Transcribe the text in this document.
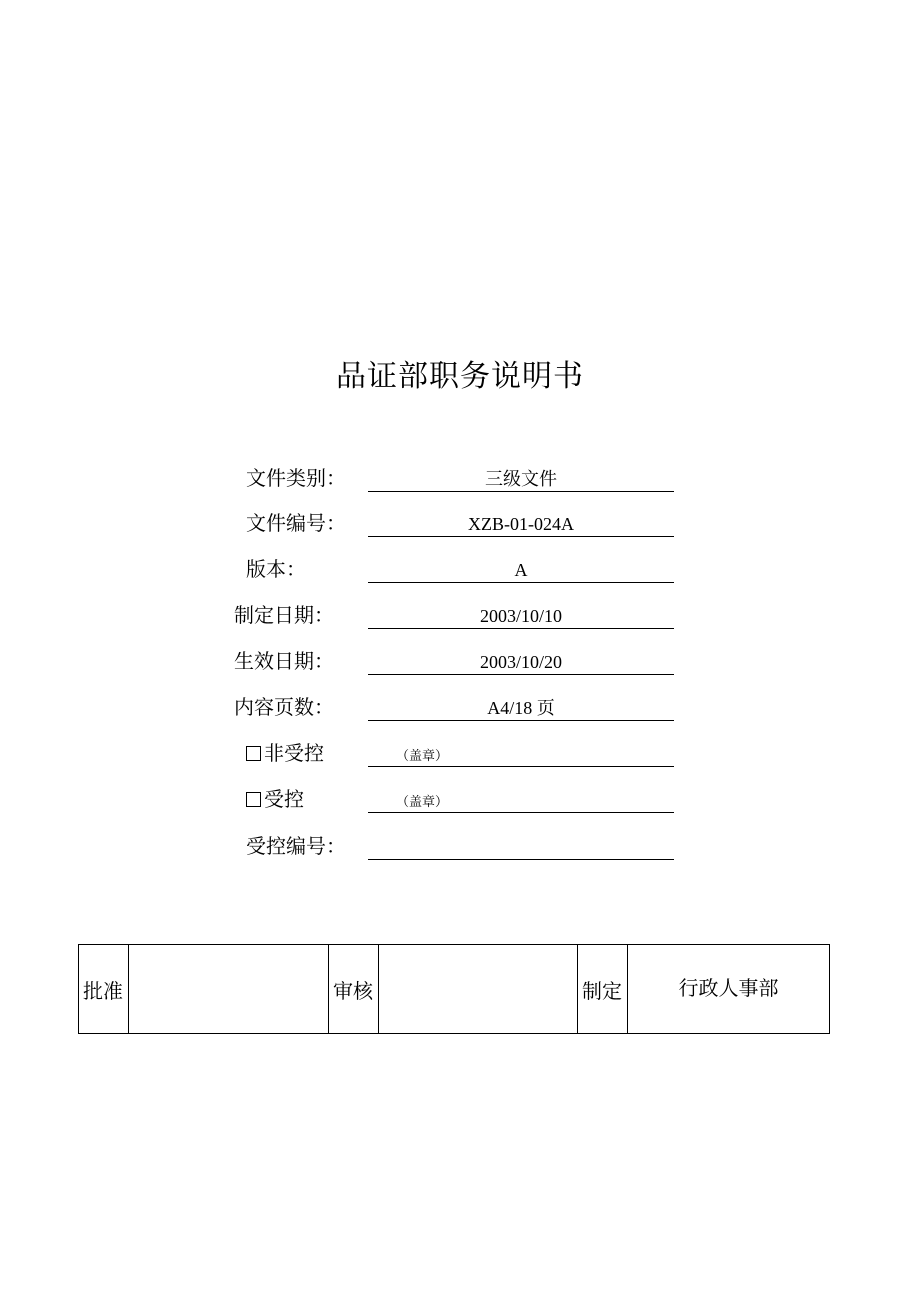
品证部职务说明书
文件类别：	三级文件
文件编号：	XZB-01-024A
版本：	A
制定日期：	2003/10/10
生效日期：	2003/10/20
内容页数：	A4/18 页
非受控	（盖章）
受控	（盖章）
受控编号：
批准		审核		制定	行政人事部
